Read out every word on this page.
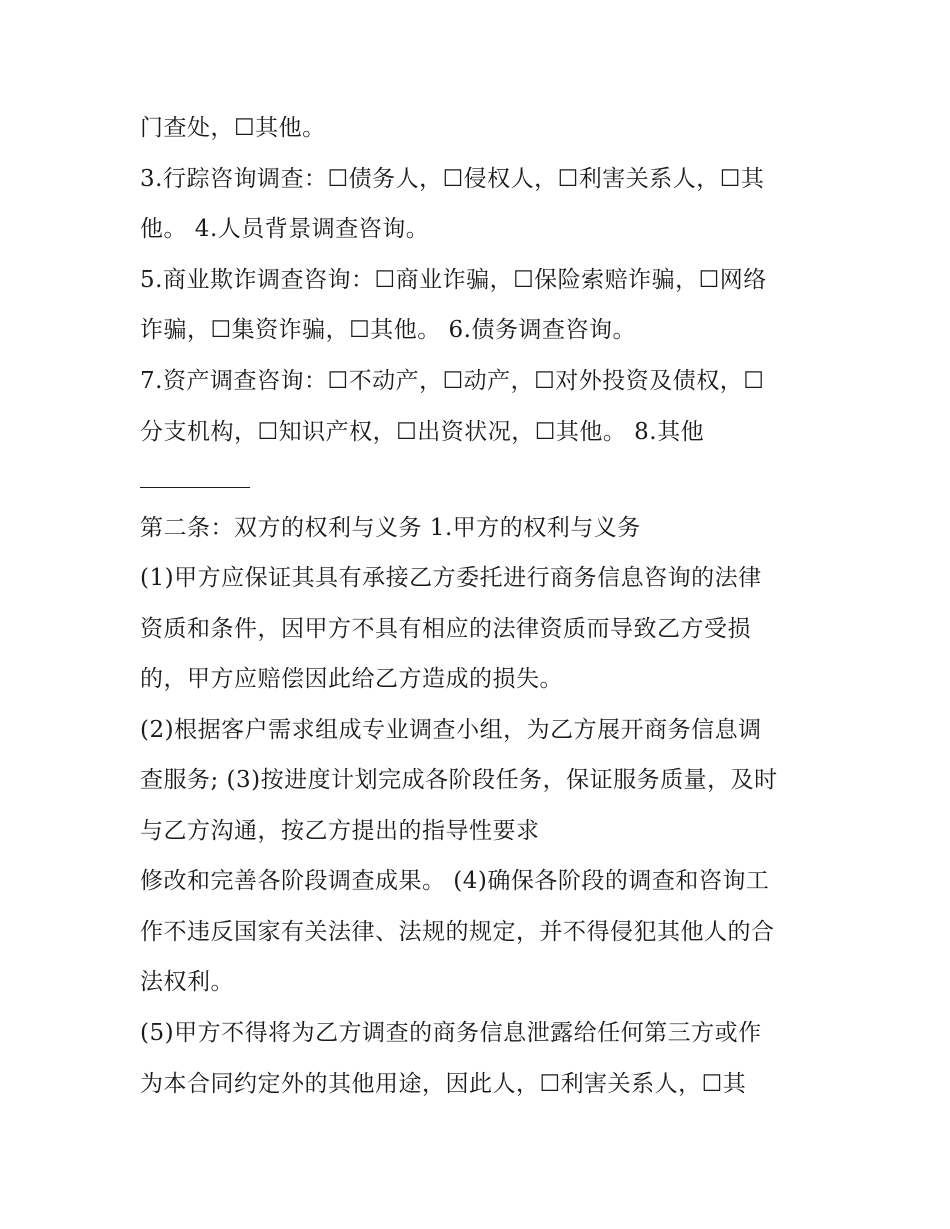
门查处，☐其他。
3.行踪咨询调查：☐债务人，☐侵权人，☐利害关系人，☐其
他。 4.人员背景调查咨询。
5.商业欺诈调查咨询：☐商业诈骗，☐保险索赔诈骗，☐网络
诈骗，☐集资诈骗，☐其他。 6.债务调查咨询。
7.资产调查咨询：☐不动产，☐动产，☐对外投资及债权，☐
分支机构，☐知识产权，☐出资状况，☐其他。 8.其他
第二条：双方的权利与义务 1.甲方的权利与义务
(1)甲方应保证其具有承接乙方委托进行商务信息咨询的法律
资质和条件，因甲方不具有相应的法律资质而导致乙方受损
的，甲方应赔偿因此给乙方造成的损失。
(2)根据客户需求组成专业调查小组，为乙方展开商务信息调
查服务; (3)按进度计划完成各阶段任务，保证服务质量，及时
与乙方沟通，按乙方提出的指导性要求
修改和完善各阶段调查成果。 (4)确保各阶段的调查和咨询工
作不违反国家有关法律、法规的规定，并不得侵犯其他人的合
法权利。
(5)甲方不得将为乙方调查的商务信息泄露给任何第三方或作
为本合同约定外的其他用途，因此人，☐利害关系人，☐其
